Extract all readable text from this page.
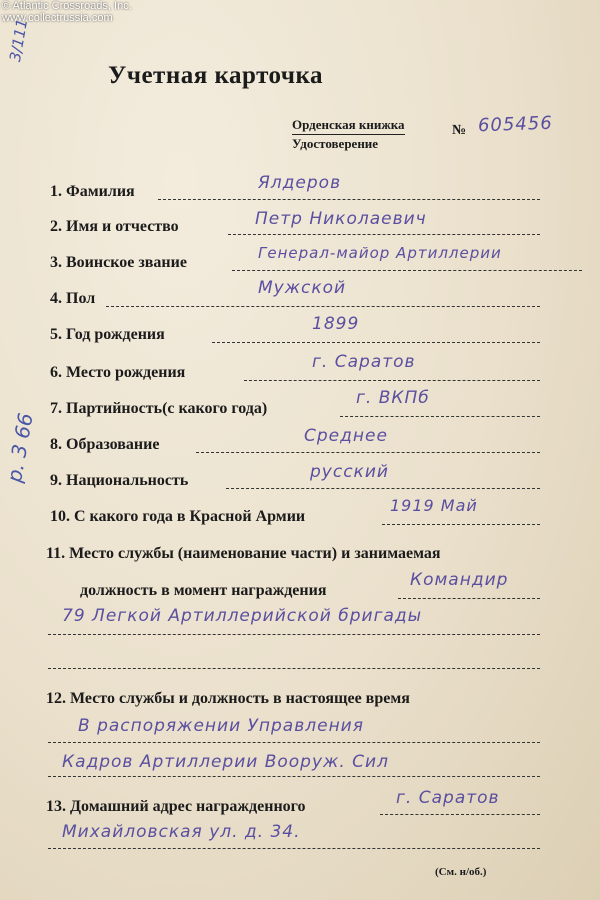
© Atlantic Crossroads, Inc.
www.collectrussia.com
3/111
р. 3 66
Учетная карточка
Орденская книжка
Удостоверение
№ 605456
1. Фамилия	Ялдеров
2. Имя и отчество	Петр Николаевич
3. Воинское звание
Генерал-майор Артиллерии
4. Пол
Мужской
5. Год рождения
1899
6. Место рождения
г. Саратов
7. Партийность(с какого года)
г. ВКПб
8. Образование	Среднее
9. Национальность	русский
10. С какого года в Красной Армии
1919 Май
11. Место службы (наименование части) и занимаемая
должность в момент награждения
Командир
79 Легкой Артиллерийской бригады
12. Место службы и должность в настоящее время
В распоряжении Управления
Кадров Артиллерии Вооруж. Сил
13. Домашний адрес награжденного	г. Саратов
Михайловская ул. д. 34.
(См. н/об.)
